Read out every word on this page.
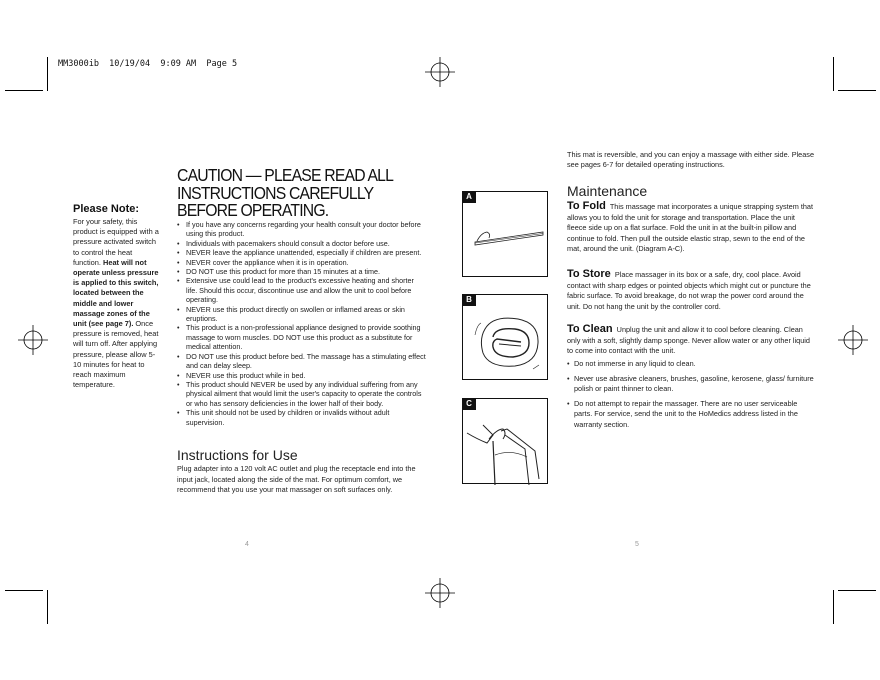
MM3000ib  10/19/04  9:09 AM  Page 5
Please Note:
For your safety, this product is equipped with a pressure activated switch to control the heat function. Heat will not operate unless pressure is applied to this switch, located between the middle and lower massage zones of the unit (see page 7). Once pressure is removed, heat will turn off. After applying pressure, please allow 5-10 minutes for heat to reach maximum temperature.
CAUTION — PLEASE READ ALL INSTRUCTIONS CAREFULLY BEFORE OPERATING.
• If you have any concerns regarding your health consult your doctor before using this product.
• Individuals with pacemakers should consult a doctor before use.
• NEVER leave the appliance unattended, especially if children are present.
• NEVER cover the appliance when it is in operation.
• DO NOT use this product for more than 15 minutes at a time.
• Extensive use could lead to the product's excessive heating and shorter life. Should this occur, discontinue use and allow the unit to cool before operating.
• NEVER use this product directly on swollen or inflamed areas or skin eruptions.
• This product is a non-professional appliance designed to provide soothing massage to worn muscles. DO NOT use this product as a substitute for medical attention.
• DO NOT use this product before bed. The massage has a stimulating effect and can delay sleep.
• NEVER use this product while in bed.
• This product should NEVER be used by any individual suffering from any physical ailment that would limit the user's capacity to operate the controls or who has sensory deficiencies in the lower half of their body.
• This unit should not be used by children or invalids without adult supervision.
Instructions for Use
Plug adapter into a 120 volt AC outlet and plug the receptacle end into the input jack, located along the side of the mat. For optimum comfort, we recommend that you use your mat massager on soft surfaces only.
4	5
A
B
C
This mat is reversible, and you can enjoy a massage with either side. Please see pages 6-7 for detailed operating instructions.
Maintenance
To Fold This massage mat incorporates a unique strapping system that allows you to fold the unit for storage and transportation. Place the unit fleece side up on a flat surface. Fold the unit in at the built-in pillow and continue to fold. Then pull the outside elastic strap, sewn to the end of the mat, around the unit. (Diagram A-C).
To Store Place massager in its box or a safe, dry, cool place. Avoid contact with sharp edges or pointed objects which might cut or puncture the fabric surface. To avoid breakage, do not wrap the power cord around the unit. Do not hang the unit by the controller cord.
To Clean Unplug the unit and allow it to cool before cleaning. Clean only with a soft, slightly damp sponge. Never allow water or any other liquid to come into contact with the unit.
• Do not immerse in any liquid to clean.
• Never use abrasive cleaners, brushes, gasoline, kerosene, glass/ furniture polish or paint thinner to clean.
• Do not attempt to repair the massager. There are no user serviceable parts. For service, send the unit to the HoMedics address listed in the warranty section.
